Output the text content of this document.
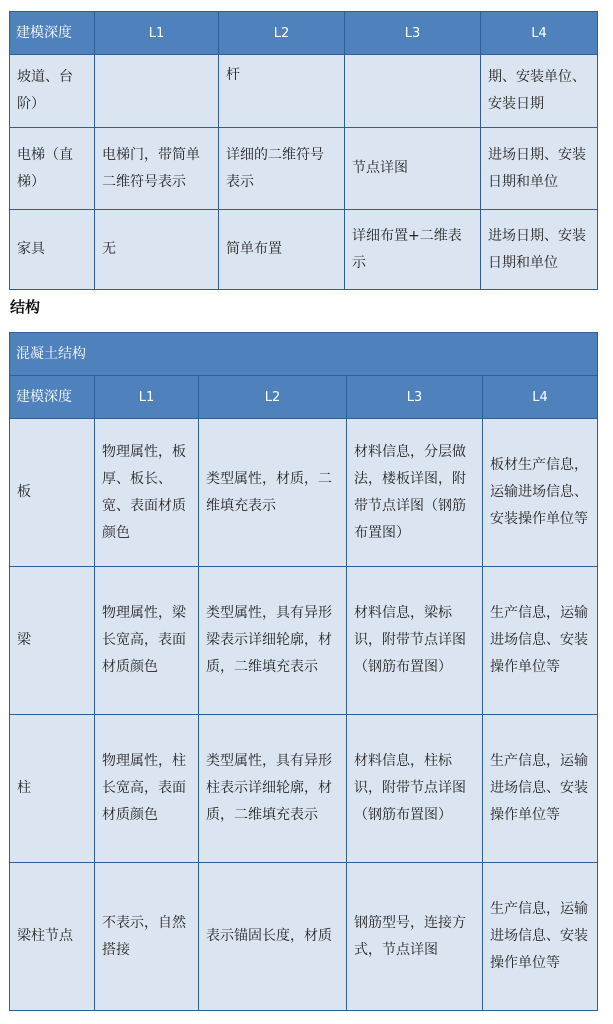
建模深度	L1	L2	L3	L4
坡道、台阶）		杆		期、安装单位、安装日期
电梯（直梯）	电梯门，带简单二维符号表示	详细的二维符号表示	节点详图	进场日期、安装日期和单位
家具	无	简单布置	详细布置+二维表示	进场日期、安装日期和单位
结构
混凝土结构				
建模深度	L1	L2	L3	L4
板	物理属性，板厚、板长、宽、表面材质颜色	类型属性，材质，二维填充表示	材料信息，分层做法，楼板详图，附带节点详图（钢筋布置图）	板材生产信息，运输进场信息、安装操作单位等
梁	物理属性，梁长宽高，表面材质颜色	类型属性，具有异形梁表示详细轮廓，材质，二维填充表示	材料信息，梁标识，附带节点详图（钢筋布置图）	生产信息，运输进场信息、安装操作单位等
柱	物理属性，柱长宽高，表面材质颜色	类型属性，具有异形柱表示详细轮廓，材质，二维填充表示	材料信息，柱标识，附带节点详图（钢筋布置图）	生产信息，运输进场信息、安装操作单位等
梁柱节点	不表示，自然搭接	表示锚固长度，材质	钢筋型号，连接方式，节点详图	生产信息，运输进场信息、安装操作单位等
